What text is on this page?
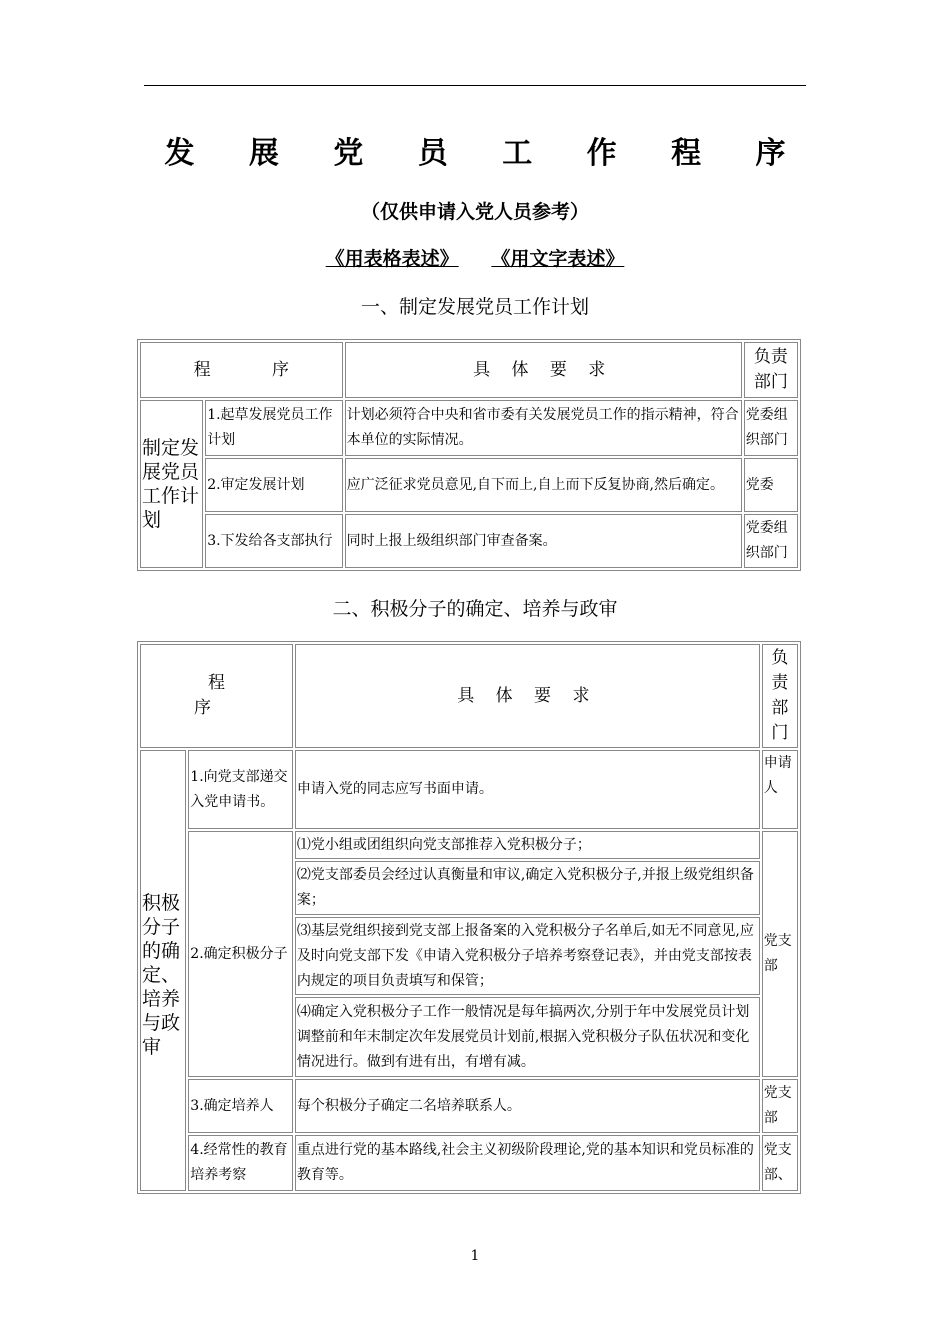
发 展 党 员 工 作 程 序
（仅供申请入党人员参考）
《用表格表述》 《用文字表述》
一、制定发展党员工作计划
程 序		具 体 要 求	负责部门
制定发展党员工作计划	1.起草发展党员工作计划	计划必须符合中央和省市委有关发展党员工作的指示精神，符合本单位的实际情况。	党委组织部门
	2.审定发展计划	应广泛征求党员意见,自下而上,自上而下反复协商,然后确定。	党委
	3.下发给各支部执行	同时上报上级组织部门审查备案。	党委组织部门
二、积极分子的确定、培养与政审
程 序		具 体 要 求	负责部门
积极分子的确定、培养与政审	1.向党支部递交入党申请书。	申请入党的同志应写书面申请。	申请人
	2.确定积极分子	⑴党小组或团组织向党支部推荐入党积极分子；	党支部
		⑵党支部委员会经过认真衡量和审议,确定入党积极分子,并报上级党组织备案；	
		⑶基层党组织接到党支部上报备案的入党积极分子名单后,如无不同意见,应及时向党支部下发《申请入党积极分子培养考察登记表》，并由党支部按表内规定的项目负责填写和保管；	
		⑷确定入党积极分子工作一般情况是每年搞两次,分别于年中发展党员计划调整前和年末制定次年发展党员计划前,根据入党积极分子队伍状况和变化情况进行。做到有进有出，有增有减。	
	3.确定培养人	每个积极分子确定二名培养联系人。	党支部
	4.经常性的教育培养考察	重点进行党的基本路线,社会主义初级阶段理论,党的基本知识和党员标准的教育等。	党支部、
1
